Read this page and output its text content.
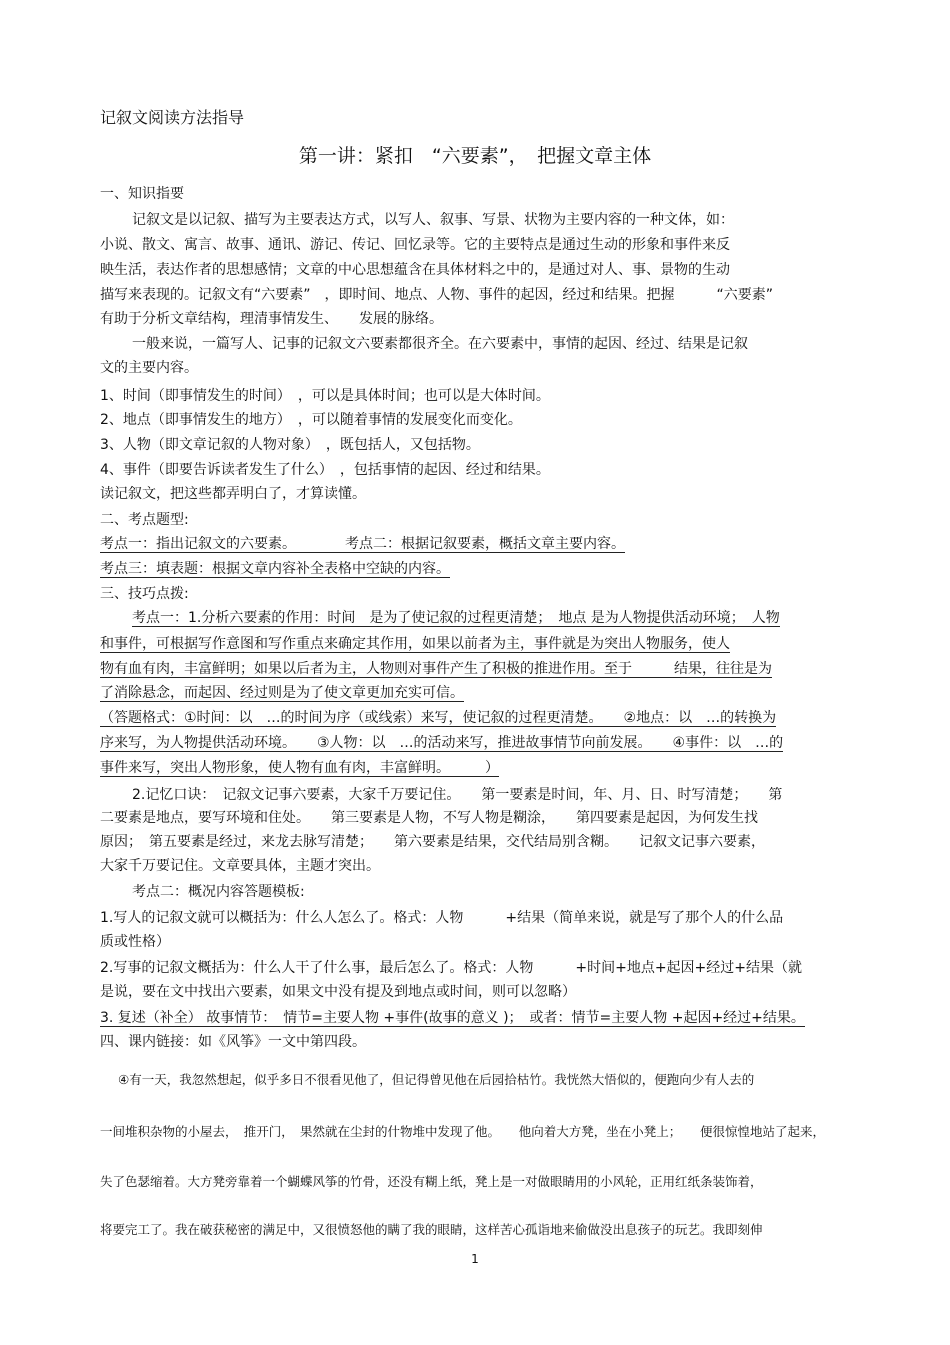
记叙文阅读方法指导
第一讲：紧扣　“六要素”，　把握文章主体
一、知识指要
记叙文是以记叙、描写为主要表达方式，以写人、叙事、写景、状物为主要内容的一种文体，如：
小说、散文、寓言、故事、通讯、游记、传记、回忆录等。它的主要特点是通过生动的形象和事件来反
映生活，表达作者的思想感情；文章的中心思想蕴含在具体材料之中的，是通过对人、事、景物的生动
描写来表现的。记叙文有“六要素”　，即时间、地点、人物、事件的起因，经过和结果。把握　　　“六要素”
有助于分析文章结构，理清事情发生、　　发展的脉络。
一般来说，一篇写人、记事的记叙文六要素都很齐全。在六要素中，事情的起因、经过、结果是记叙
文的主要内容。
1、时间（即事情发生的时间）　，可以是具体时间；也可以是大体时间。
2、地点（即事情发生的地方）　，可以随着事情的发展变化而变化。
3、人物（即文章记叙的人物对象）　，既包括人，又包括物。
4、事件（即要告诉读者发生了什么）　，包括事情的起因、经过和结果。
读记叙文，把这些都弄明白了，才算读懂。
二、考点题型:
考点一：指出记叙文的六要素。　　　　考点二：根据记叙要素，概括文章主要内容。
考点三：填表题：根据文章内容补全表格中空缺的内容。
三、技巧点拨:
考点一：1.分析六要素的作用：时间　是为了使记叙的过程更清楚；　地点 是为人物提供活动环境；　人物
和事件，可根据写作意图和写作重点来确定其作用，如果以前者为主，事件就是为突出人物服务，使人
物有血有肉，丰富鲜明；如果以后者为主，人物则对事件产生了积极的推进作用。至于　　　结果，往往是为
了消除悬念，而起因、经过则是为了使文章更加充实可信。
（答题格式：①时间：以　…的时间为序（或线索）来写，使记叙的过程更清楚。　　②地点：以　…的转换为
序来写，为人物提供活动环境。　　③人物：以　…的活动来写，推进故事情节向前发展。　　④事件：以　…的
事件来写，突出人物形象，使人物有血有肉，丰富鲜明。　　　）
2.记忆口诀：　记叙文记事六要素，大家千万要记住。　　第一要素是时间，年、月、日、时写清楚；　　第
二要素是地点，要写环境和住处。　　第三要素是人物，不写人物是糊涂，　　第四要素是起因，为何发生找
原因；　第五要素是经过，来龙去脉写清楚；　　第六要素是结果，交代结局别含糊。　　记叙文记事六要素，
大家千万要记住。文章要具体，主题才突出。
考点二：概况内容答题模板:
1.写人的记叙文就可以概括为：什么人怎么了。格式：人物　　　+结果（简单来说，就是写了那个人的什么品
质或性格）
2.写事的记叙文概括为：什么人干了什么事，最后怎么了。格式：人物　　　+时间+地点+起因+经过+结果（就
是说，要在文中找出六要素，如果文中没有提及到地点或时间，则可以忽略）
3. 复述（补全） 故事情节：　情节=主要人物 +事件(故事的意义 )；　或者：情节=主要人物 +起因+经过+结果。
四、课内链接：如《风筝》一文中第四段。
④有一天，我忽然想起，似乎多日不很看见他了，但记得曾见他在后园拾枯竹。我恍然大悟似的，便跑向少有人去的
一间堆积杂物的小屋去，　推开门，　果然就在尘封的什物堆中发现了他。　　他向着大方凳，坐在小凳上；　　便很惊惶地站了起来，
失了色瑟缩着。大方凳旁靠着一个蝴蝶风筝的竹骨，还没有糊上纸，凳上是一对做眼睛用的小风轮，正用红纸条装饰着，
将要完工了。我在破获秘密的满足中，又很愤怒他的瞒了我的眼睛，这样苦心孤诣地来偷做没出息孩子的玩艺。我即刻伸
1
